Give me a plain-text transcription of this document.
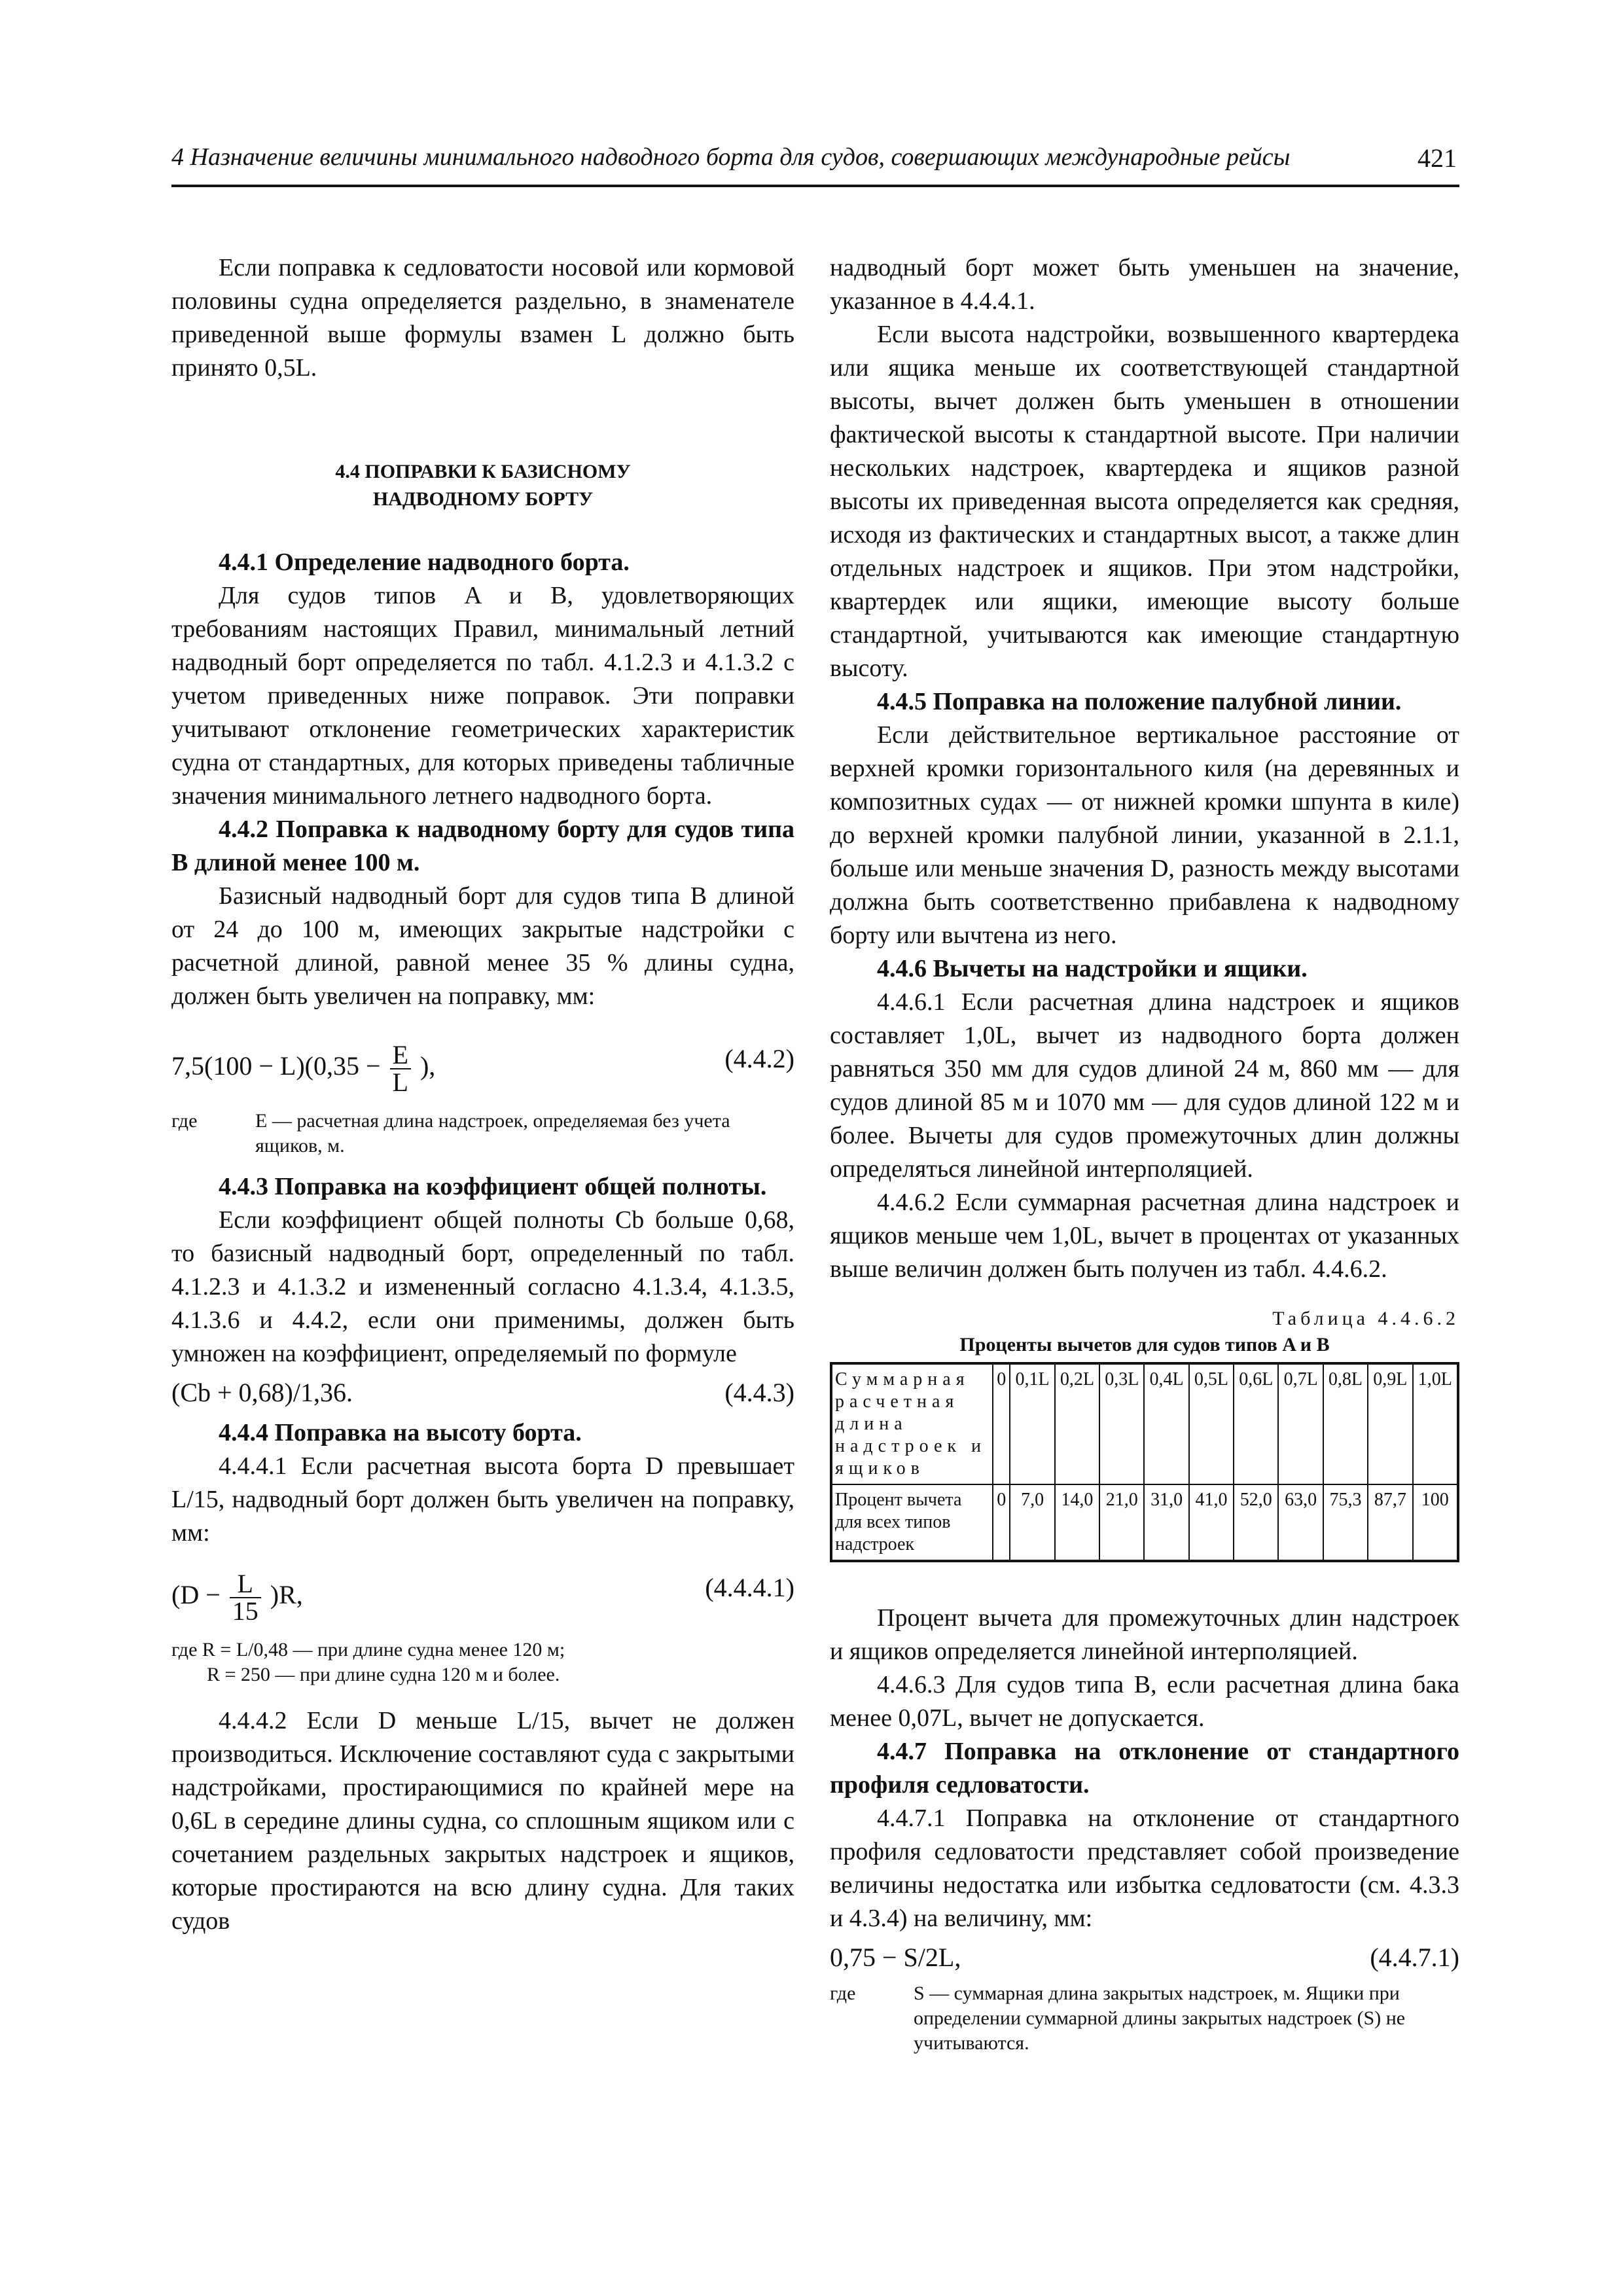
4 Назначение величины минимального надводного борта для судов, совершающих международные рейсы	421

Если поправка к седловатости носовой или кормовой половины судна определяется раздельно, в знаменателе приведенной выше формулы взамен L должно быть принято 0,5L.

4.4 ПОПРАВКИ К БАЗИСНОМУ

НАДВОДНОМУ БОРТУ

4.4.1 Определение надводного борта.

Для судов типов A и B, удовлетворяющих требованиям настоящих Правил, минимальный летний надводный борт определяется по табл. 4.1.2.3 и 4.1.3.2 с учетом приведенных ниже поправок. Эти поправки учитывают отклонение геометрических характеристик судна от стандартных, для которых приведены табличные значения минимального летнего надводного борта.

4.4.2 Поправка к надводному борту для судов типа B длиной менее 100 м.

Базисный надводный борт для судов типа B длиной от 24 до 100 м, имеющих закрытые надстройки с расчетной длиной, равной менее 35 % длины судна, должен быть увеличен на поправку, мм:

$7,5(100 - L)(0,35 - \frac{E}{L}$ ),	(4.4.2)
где	E — расчетная длина надстроек, определяемая без учета ящиков, м.

4.4.3 Поправка на коэффициент общей полноты.

Если коэффициент общей полноты Cb больше 0,68, то базисный надводный борт, определенный по табл. 4.1.2.3 и 4.1.3.2 и измененный согласно 4.1.3.4, 4.1.3.5, 4.1.3.6 и 4.4.2, если они применимы, должен быть умножен на коэффициент, определяемый по формуле

(Cb + 0,68)/1,36.	(4.4.3)

4.4.4 Поправка на высоту борта.

4.4.4.1 Если расчетная высота борта D превышает L/15, надводный борт должен быть увеличен на поправку, мм:

$(D - \frac{L}{15} )R$,	(4.4.4.1)
где R = L/0,48 — при длине судна менее 120 м;
R = 250 — при длине судна 120 м и более.

4.4.4.2 Если D меньше L/15, вычет не должен производиться. Исключение составляют суда с закрытыми надстройками, простирающимися по крайней мере на 0,6L в середине длины судна, со сплошным ящиком или с сочетанием раздельных закрытых надстроек и ящиков, которые простираются на всю длину судна. Для таких судов

надводный борт может быть уменьшен на значение, указанное в 4.4.4.1.

Если высота надстройки, возвышенного квартердека или ящика меньше их соответствующей стандартной высоты, вычет должен быть уменьшен в отношении фактической высоты к стандартной высоте. При наличии нескольких надстроек, квартердека и ящиков разной высоты их приведенная высота определяется как средняя, исходя из фактических и стандартных высот, а также длин отдельных надстроек и ящиков. При этом надстройки, квартердек или ящики, имеющие высоту больше стандартной, учитываются как имеющие стандартную высоту.

4.4.5 Поправка на положение палубной линии.

Если действительное вертикальное расстояние от верхней кромки горизонтального киля (на деревянных и композитных судах — от нижней кромки шпунта в киле) до верхней кромки палубной линии, указанной в 2.1.1, больше или меньше значения D, разность между высотами должна быть соответственно прибавлена к надводному борту или вычтена из него.

4.4.6 Вычеты на надстройки и ящики.

4.4.6.1 Если расчетная длина надстроек и ящиков составляет 1,0L, вычет из надводного борта должен равняться 350 мм для судов длиной 24 м, 860 мм — для судов длиной 85 м и 1070 мм — для судов длиной 122 м и более. Вычеты для судов промежуточных длин должны определяться линейной интерполяцией.

4.4.6.2 Если суммарная расчетная длина надстроек и ящиков меньше чем 1,0L, вычет в процентах от указанных выше величин должен быть получен из табл. 4.4.6.2.

Таблица 4.4.6.2
Проценты вычетов для судов типов A и B
Суммарная расчетная длина надстроек и ящиков	0	0,1L	0,2L	0,3L	0,4L	0,5L	0,6L	0,7L	0,8L	0,9L	1,0L
Процент вычета для всех типов надстроек	0	7,0	14,0	21,0	31,0	41,0	52,0	63,0	75,3	87,7	100

Процент вычета для промежуточных длин надстроек и ящиков определяется линейной интерполяцией.

4.4.6.3 Для судов типа B, если расчетная длина бака менее 0,07L, вычет не допускается.

4.4.7 Поправка на отклонение от стандартного профиля седловатости.

4.4.7.1 Поправка на отклонение от стандартного профиля седловатости представляет собой произведение величины недостатка или избытка седловатости (см. 4.3.3 и 4.3.4) на величину, мм:

0,75 − S/2L,	(4.4.7.1)
где	S — суммарная длина закрытых надстроек, м. Ящики при определении суммарной длины закрытых надстроек (S) не учитываются.
